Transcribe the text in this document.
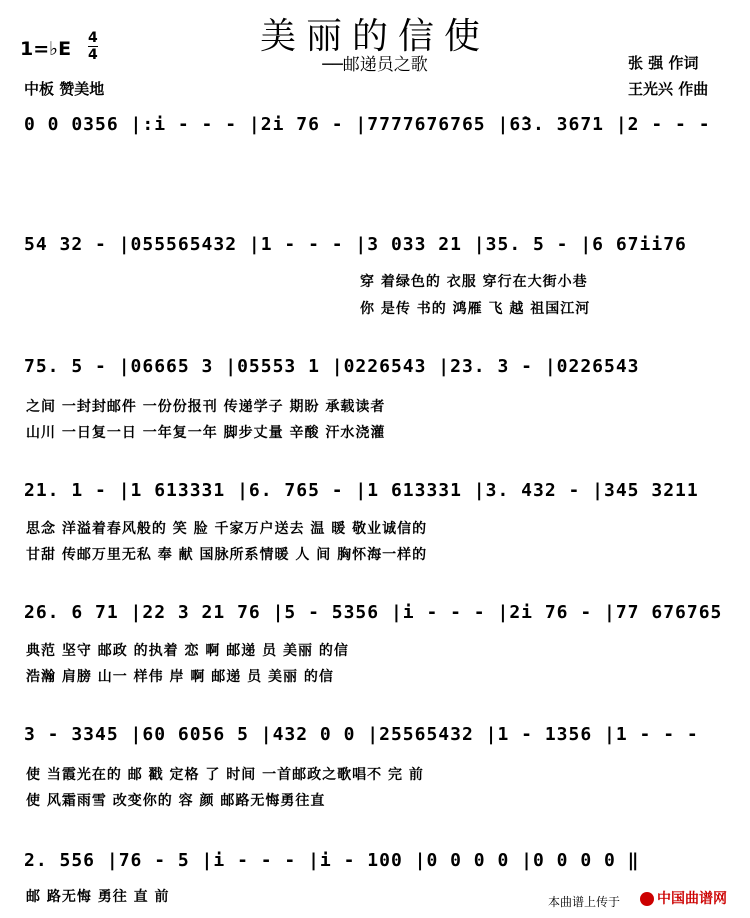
美丽的信使
──邮递员之歌
1=♭E 4
4
中板 赞美地
张 强 作词
王光兴 作曲
0 0 0356 |:i - - - |2i 76 - |7777676765 |6̇3. 3671 |2 - - -
54 32 - |055565432 |1 - - - |3 033 21 |35. 5 - |6 67ii76
穿 着绿色的 衣服 穿行在大街小巷
你 是传 书的 鸿雁 飞 越 祖国江河
75. 5 - |06665 3 |05553 1 |0226543 |23. 3 - |0226543
之间 一封封邮件 一份份报刊 传递学子 期盼 承载读者
山川 一日复一日 一年复一年 脚步丈量 辛酸 汗水浇灌
21. 1 - |1 613331 |6. 765 - |1 613331 |3. 432 - |345 3211
思念 洋溢着春风般的 笑 脸 千家万户送去 温 暖 敬业诚信的
甘甜 传邮万里无私 奉 献 国脉所系情暖 人 间 胸怀海一样的
26. 6 71 |22 3 21 76 |5 - 5356 |i - - - |2i 76 - |77 676765
典范 坚守 邮政 的执着 恋 啊 邮递 员 美丽 的信
浩瀚 肩膀 山一 样伟 岸 啊 邮递 员 美丽 的信
3 - 3345 |60 6056 5 |432 0 0 |25565432 |1 - 1356 |1 - - -
使 当霞光在的 邮 戳 定格 了 时间 一首邮政之歌唱不 完 前
使 风霜雨雪 改变你的 容 颜 邮路无悔勇往直
2. 556 |76 - 5 |i - - - |i - 100 |0 0 0 0 |0 0 0 0 ‖
邮 路无悔 勇往 直 前	本曲谱上传于	中国曲谱网
